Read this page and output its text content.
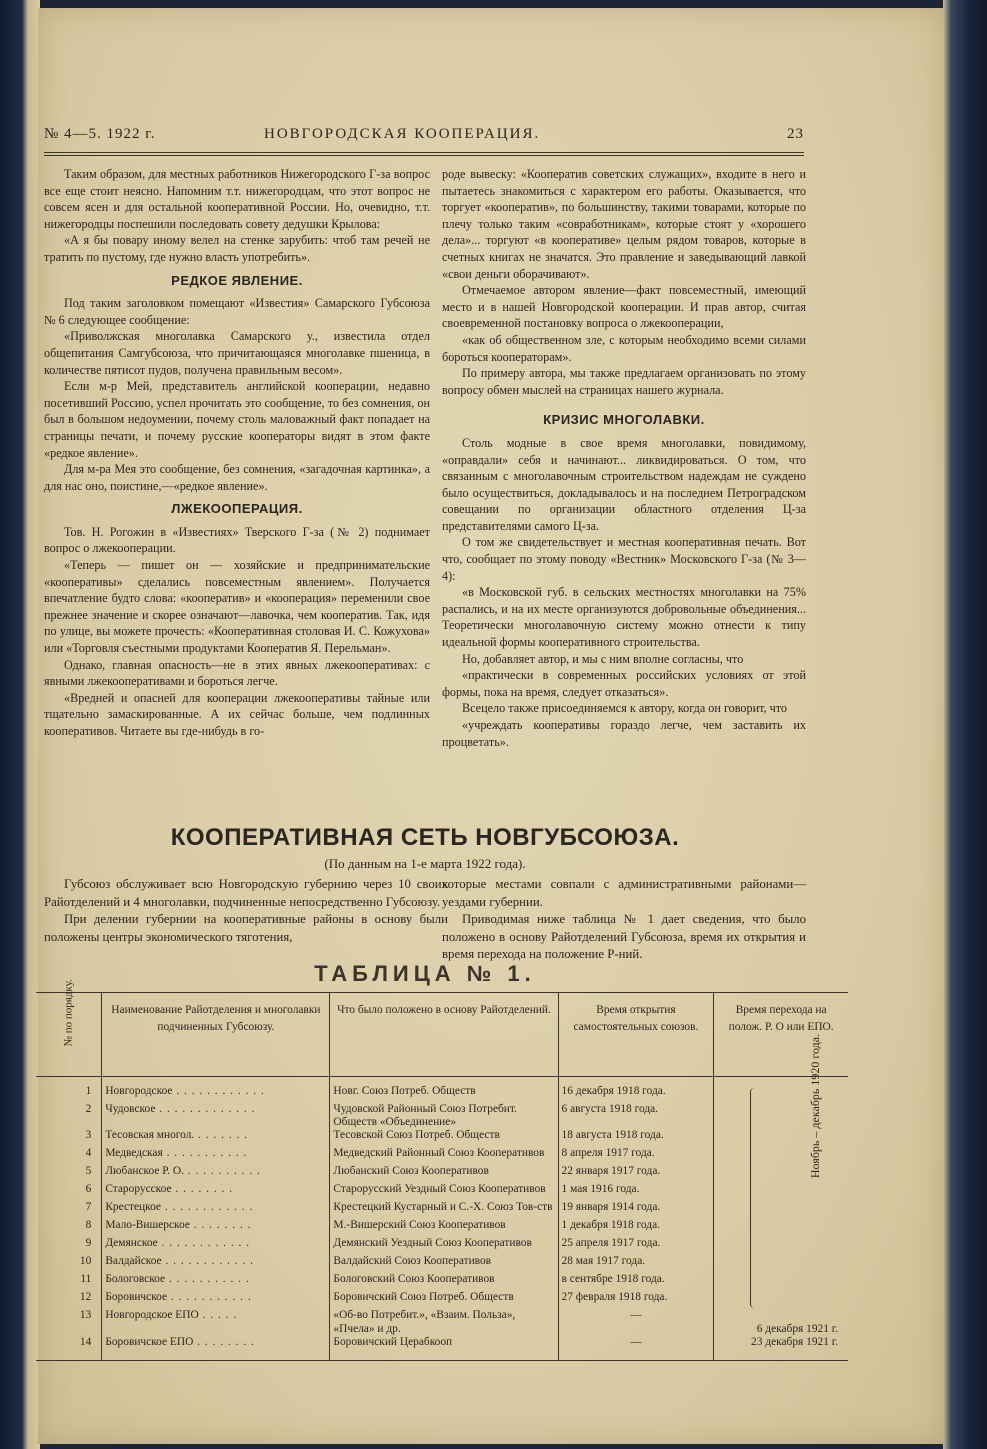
№ 4—5. 1922 г.	НОВГОРОДСКАЯ КООПЕРАЦИЯ.	23

Таким образом, для местных работников Нижегородского Г-за вопрос все еще стоит неясно. Напомним т.т. нижегородцам, что этот вопрос не совсем ясен и для остальной кооперативной России. Но, очевидно, т.т. нижегородцы поспешили последовать совету дедушки Крылова:

«А я бы повару иному велел на стенке зарубить: чтоб там речей не тратить по пустому, где нужно власть употребить».

РЕДКОЕ ЯВЛЕНИЕ.

Под таким заголовком помещают «Известия» Самарского Губсоюза № 6 следующее сообщение:

«Приволжская многолавка Самарского у., известила отдел общепитания Самгубсоюза, что причитающаяся многолавке пшеница, в количестве пятисот пудов, получена правильным весом».

Если м-р Мей, представитель английской кооперации, недавно посетивший Россию, успел прочитать это сообщение, то без сомнения, он был в большом недоумении, почему столь маловажный факт попадает на страницы печати, и почему русские кооператоры видят в этом факте «редкое явление».

Для м-ра Мея это сообщение, без сомнения, «загадочная картинка», а для нас оно, поистине,—«редкое явление».

ЛЖЕКООПЕРАЦИЯ.

Тов. Н. Рогожин в «Известиях» Тверского Г-за (№ 2) поднимает вопрос о лжекооперации.

«Теперь — пишет он — хозяйские и предпринимательские «кооперативы» сделались повсеместным явлением». Получается впечатление будто слова: «кооператив» и «кооперация» переменили свое прежнее значение и скорее означают—лавочка, чем кооператив. Так, идя по улице, вы можете прочесть: «Кооперативная столовая И. С. Кожухова» или «Торговля съестными продуктами Кооператив Я. Перельман».

Однако, главная опасность—не в этих явных лжекооперативах: с явными лжекооперативами и бороться легче.

«Вредней и опасней для кооперации лжекооперативы тайные или тщательно замаскированные. А их сейчас больше, чем подлинных кооперативов. Читаете вы где-нибудь в го-

роде вывеску: «Кооператив советских служащих», входите в него и пытаетесь знакомиться с характером его работы. Оказывается, что торгует «кооператив», по большинству, такими товарами, которые по плечу только таким «совработникам», которые стоят у «хорошего дела»... торгуют «в кооперативе» целым рядом товаров, которые в счетных книгах не значатся. Это правление и заведывающий лавкой «свои деньги оборачивают».

Отмечаемое автором явление—факт повсеместный, имеющий место и в нашей Новгородской кооперации. И прав автор, считая своевременной постановку вопроса о лжекооперации,

«как об общественном зле, с которым необходимо всеми силами бороться кооператорам».

По примеру автора, мы также предлагаем организовать по этому вопросу обмен мыслей на страницах нашего журнала.

КРИЗИС МНОГОЛАВКИ.

Столь модные в свое время многолавки, повидимому, «оправдали» себя и начинают... ликвидироваться. О том, что связанным с многолавочным строительством надеждам не суждено было осуществиться, докладывалось и на последнем Петроградском совещании по организации областного отделения Ц-за представителями самого Ц-за.

О том же свидетельствует и местная кооперативная печать. Вот что, сообщает по этому поводу «Вестник» Московского Г-за (№ 3—4):

«в Московской губ. в сельских местностях многолавки на 75% распались, и на их месте организуются добровольные объединения... Теоретически многолавочную систему можно отнести к типу идеальной формы кооперативного строительства.

Но, добавляет автор, и мы с ним вполне согласны, что

«практически в современных российских условиях от этой формы, пока на время, следует отказаться».

Всецело также присоединяемся к автору, когда он говорит, что

«учреждать кооперативы гораздо легче, чем заставить их процветать».

КООПЕРАТИВНАЯ СЕТЬ НОВГУБСОЮЗА.
(По данным на 1-е марта 1922 года).

Губсоюз обслуживает всю Новгородскую губернию через 10 своих Райотделений и 4 многолавки, подчиненные непосредственно Губсоюзу.

При делении губернии на кооперативные районы в основу были положены центры экономического тяготения,

которые местами совпали с административными районами—уездами губернии.

Приводимая ниже таблица № 1 дает сведения, что было положено в основу Райотделений Губсоюза, время их открытия и время перехода на положение Р-ний.

ТАБЛИЦА № 1.
№ по порядку.	Наименование Райотделения и многолавки подчиненных Губсоюзу.	Что было положено в основу Райотделений.	Время открытия самостоятельных союзов.	Время перехода на полож. Р. О или ЕПО.
1	Новгородское . . . . . . . . . . . .	Новг. Союз Потреб. Обществ	16 декабря 1918 года.	
2	Чудовское . . . . . . . . . . . . .	Чудовской Районный Союз Потребит. Обществ «Объединение»	6 августа 1918 года.	
3	Тесовская многол. . . . . . . .	Тесовской Союз Потреб. Обществ	18 августа 1918 года.	
4	Медведская . . . . . . . . . . .	Медведский Районный Союз Кооперативов	8 апреля 1917 года.	
5	Любанское Р. О. . . . . . . . . . .	Любанский Союз Кооперативов	22 января 1917 года.	
6	Старорусское . . . . . . . .	Старорусский Уездный Союз Кооперативов	1 мая 1916 года.	
7	Крестецкое . . . . . . . . . . . .	Крестецкий Кустарный и С.-Х. Союз Тов-ств	19 января 1914 года.	
8	Мало-Вишерское . . . . . . . .	М.-Вишерский Союз Кооперативов	1 декабря 1918 года.	
9	Демянское . . . . . . . . . . . .	Демянский Уездный Союз Кооперативов	25 апреля 1917 года.	
10	Валдайское . . . . . . . . . . . .	Валдайский Союз Кооперативов	28 мая 1917 года.	
11	Бологовское . . . . . . . . . . .	Бологовский Союз Кооперативов	в сентябре 1918 года.	
12	Боровичское . . . . . . . . . . .	Боровичский Союз Потреб. Обществ	27 февраля 1918 года.	
13	Новгородское ЕПО . . . . .	«Об-во Потребит.», «Взаим. Польза», «Пчела» и др.	—	6 декабря 1921 г.
14	Боровичское ЕПО . . . . . . . .	Боровичский Церабкооп	—	23 декабря 1921 г.
Ноябрь – декабрь 1920 года.
